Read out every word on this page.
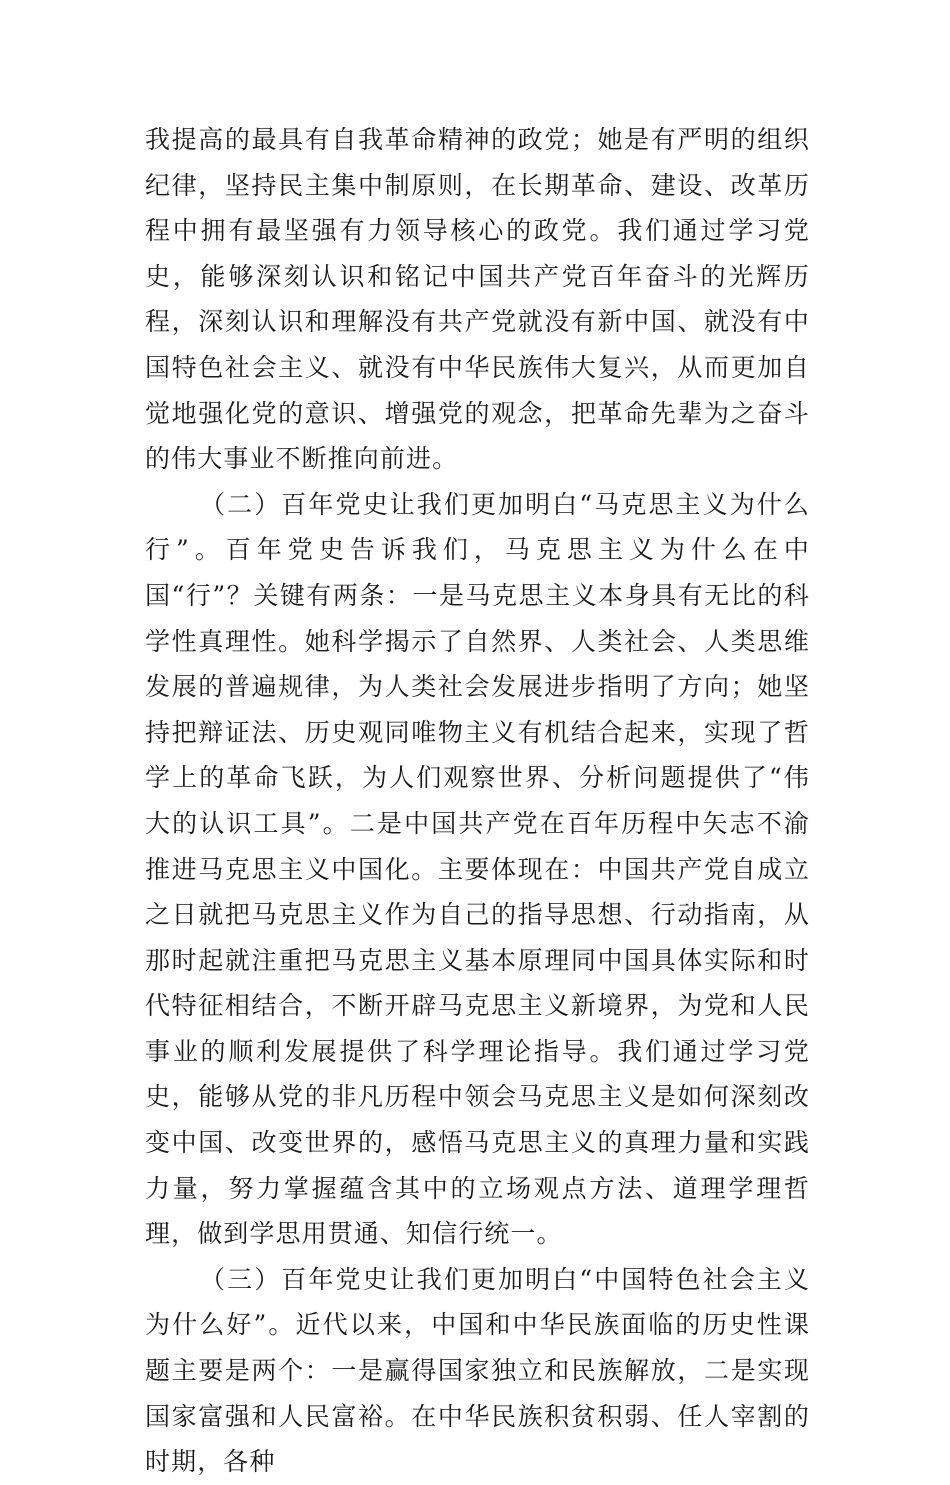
我提高的最具有自我革命精神的政党；她是有严明的组织纪律，坚持民主集中制原则，在长期革命、建设、改革历程中拥有最坚强有力领导核心的政党。我们通过学习党史，能够深刻认识和铭记中国共产党百年奋斗的光辉历程，深刻认识和理解没有共产党就没有新中国、就没有中国特色社会主义、就没有中华民族伟大复兴，从而更加自觉地强化党的意识、增强党的观念，把革命先辈为之奋斗的伟大事业不断推向前进。

（二）百年党史让我们更加明白“马克思主义为什么行”。百年党史告诉我们，马克思主义为什么在中国“行”？关键有两条：一是马克思主义本身具有无比的科学性真理性。她科学揭示了自然界、人类社会、人类思维发展的普遍规律，为人类社会发展进步指明了方向；她坚持把辩证法、历史观同唯物主义有机结合起来，实现了哲学上的革命飞跃，为人们观察世界、分析问题提供了“伟大的认识工具”。二是中国共产党在百年历程中矢志不渝推进马克思主义中国化。主要体现在：中国共产党自成立之日就把马克思主义作为自己的指导思想、行动指南，从那时起就注重把马克思主义基本原理同中国具体实际和时代特征相结合，不断开辟马克思主义新境界，为党和人民事业的顺利发展提供了科学理论指导。我们通过学习党史，能够从党的非凡历程中领会马克思主义是如何深刻改变中国、改变世界的，感悟马克思主义的真理力量和实践力量，努力掌握蕴含其中的立场观点方法、道理学理哲理，做到学思用贯通、知信行统一。

（三）百年党史让我们更加明白“中国特色社会主义为什么好”。近代以来，中国和中华民族面临的历史性课题主要是两个：一是赢得国家独立和民族解放，二是实现国家富强和人民富裕。在中华民族积贫积弱、任人宰割的时期，各种
